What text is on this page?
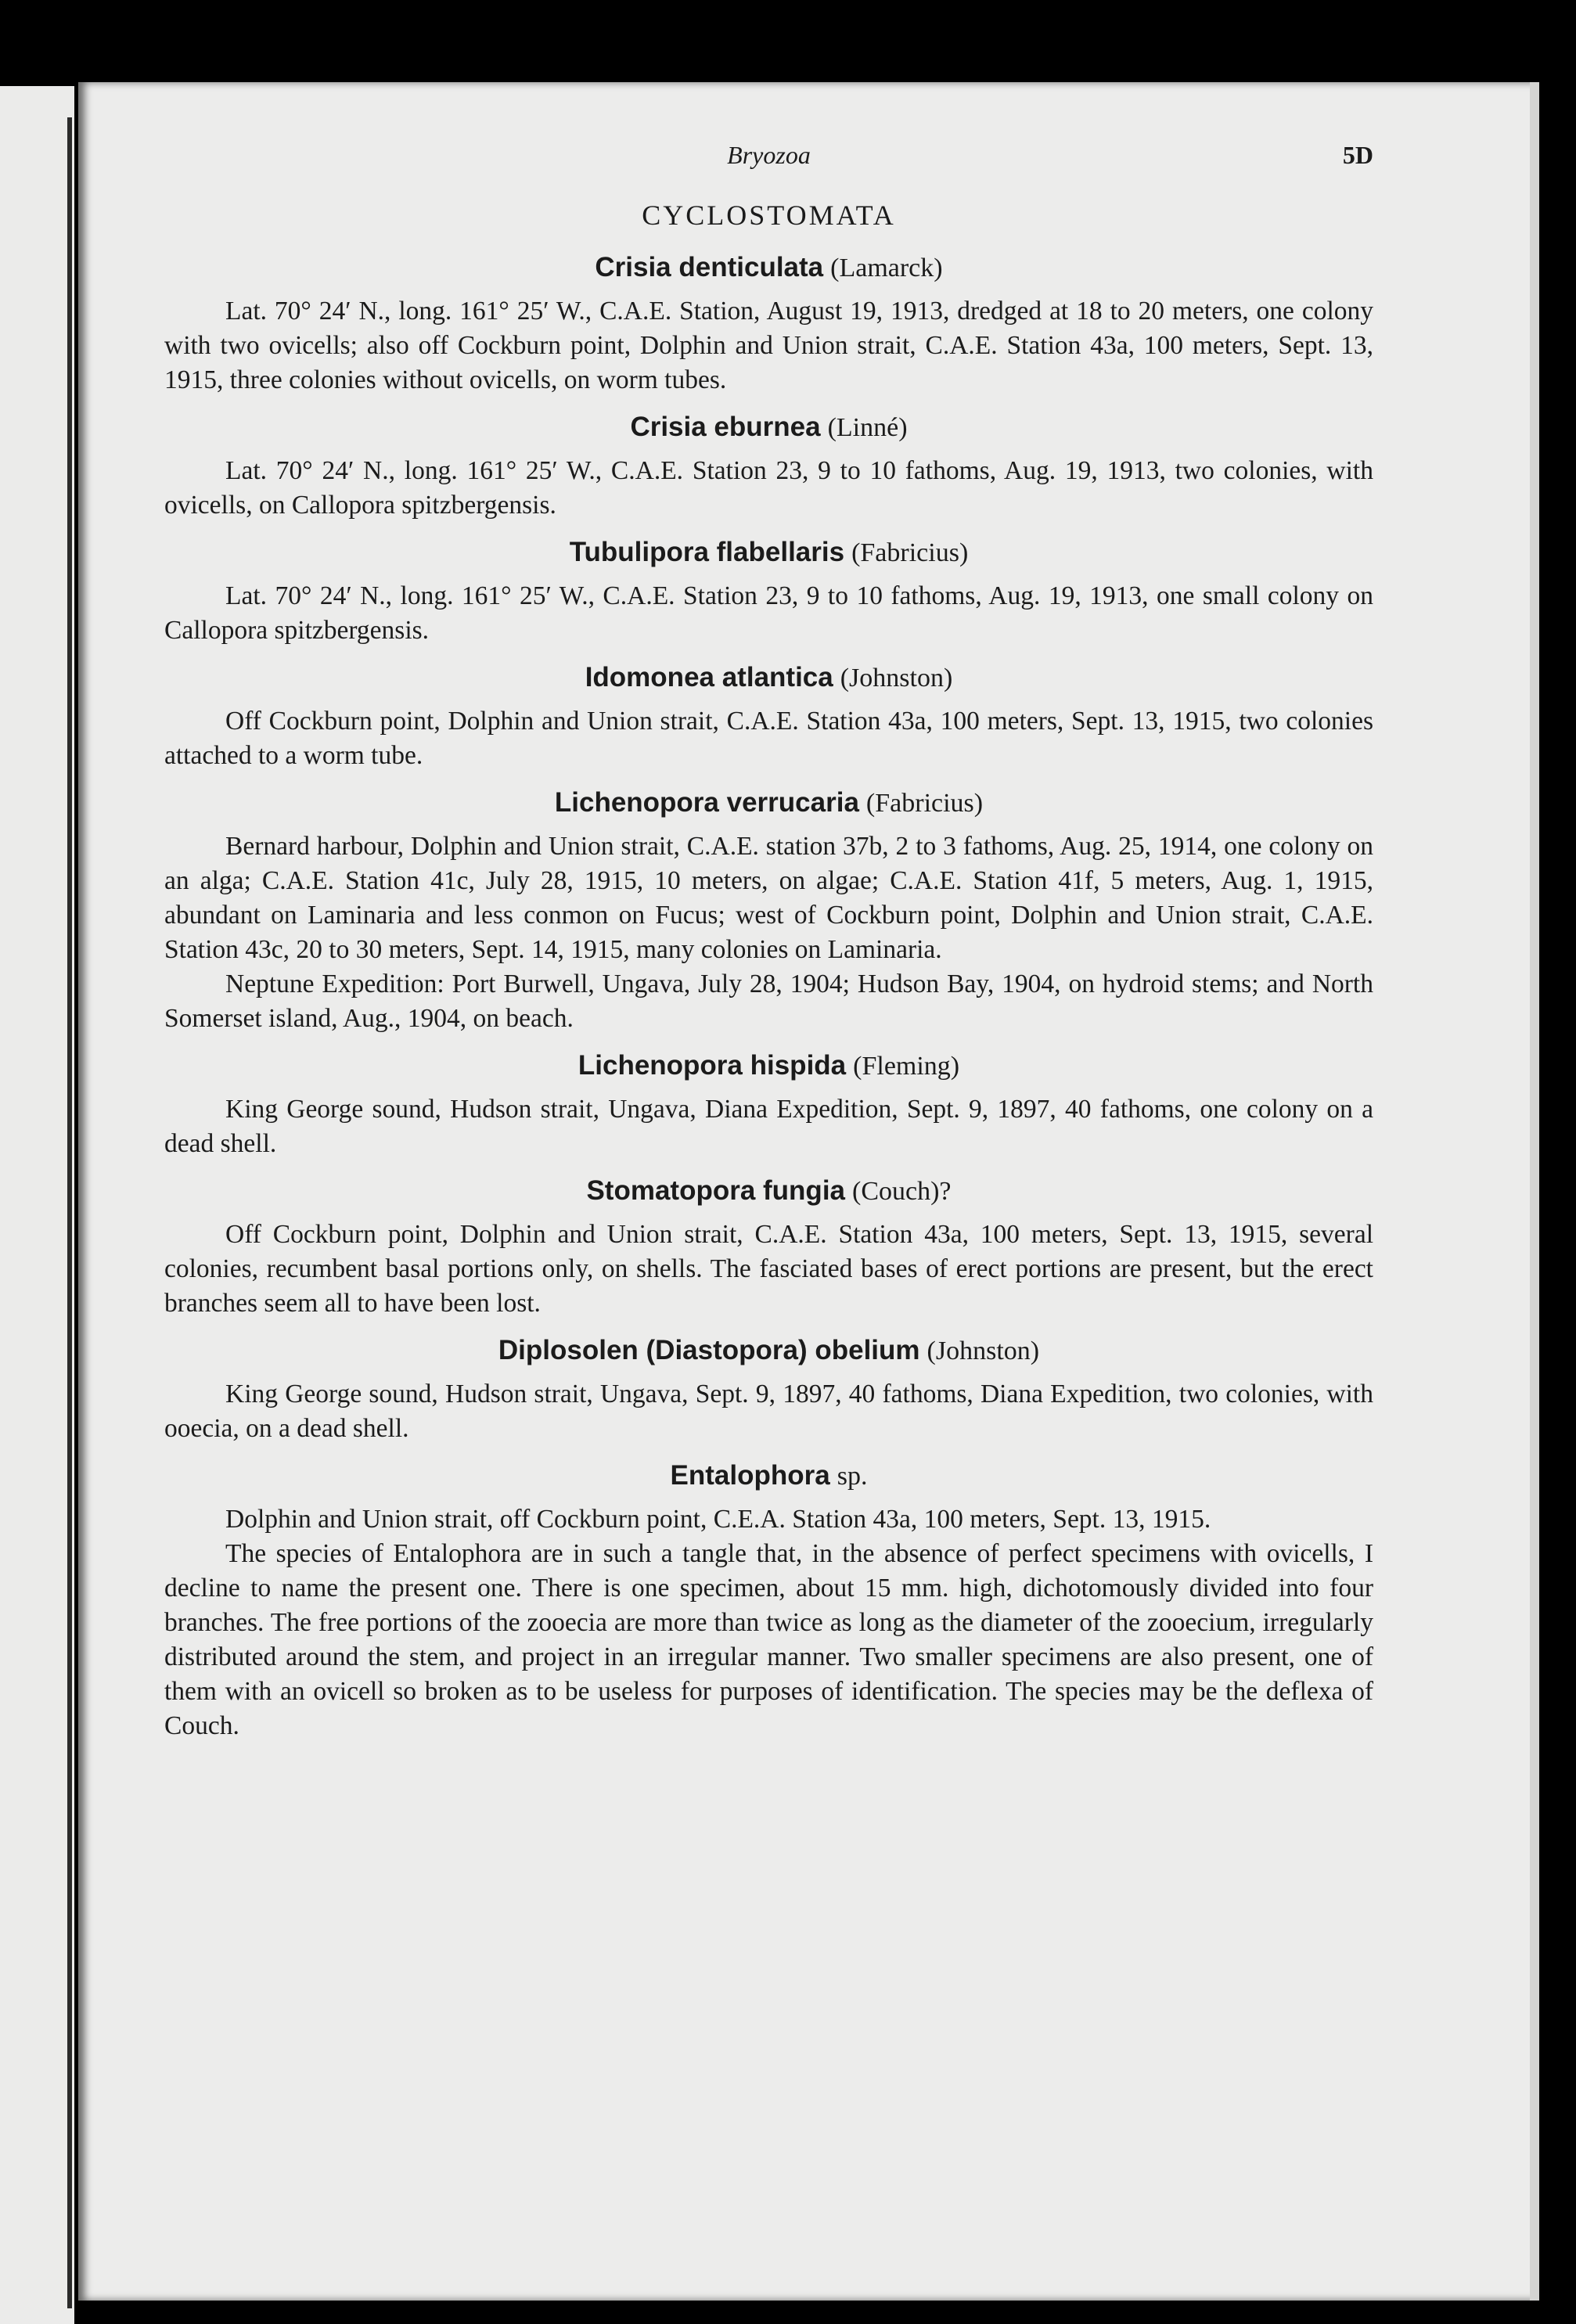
Bryozoa	5D
CYCLOSTOMATA
Crisia denticulata (Lamarck)

Lat. 70° 24′ N., long. 161° 25′ W., C.A.E. Station, August 19, 1913, dredged at 18 to 20 meters, one colony with two ovicells; also off Cockburn point, Dolphin and Union strait, C.A.E. Station 43a, 100 meters, Sept. 13, 1915, three colonies without ovicells, on worm tubes.

Crisia eburnea (Linné)

Lat. 70° 24′ N., long. 161° 25′ W., C.A.E. Station 23, 9 to 10 fathoms, Aug. 19, 1913, two colonies, with ovicells, on Callopora spitzbergensis.

Tubulipora flabellaris (Fabricius)

Lat. 70° 24′ N., long. 161° 25′ W., C.A.E. Station 23, 9 to 10 fathoms, Aug. 19, 1913, one small colony on Callopora spitzbergensis.

Idomonea atlantica (Johnston)

Off Cockburn point, Dolphin and Union strait, C.A.E. Station 43a, 100 meters, Sept. 13, 1915, two colonies attached to a worm tube.

Lichenopora verrucaria (Fabricius)

Bernard harbour, Dolphin and Union strait, C.A.E. station 37b, 2 to 3 fathoms, Aug. 25, 1914, one colony on an alga; C.A.E. Station 41c, July 28, 1915, 10 meters, on algae; C.A.E. Station 41f, 5 meters, Aug. 1, 1915, abundant on Laminaria and less conmon on Fucus; west of Cockburn point, Dolphin and Union strait, C.A.E. Station 43c, 20 to 30 meters, Sept. 14, 1915, many colonies on Laminaria.

Neptune Expedition: Port Burwell, Ungava, July 28, 1904; Hudson Bay, 1904, on hydroid stems; and North Somerset island, Aug., 1904, on beach.

Lichenopora hispida (Fleming)

King George sound, Hudson strait, Ungava, Diana Expedition, Sept. 9, 1897, 40 fathoms, one colony on a dead shell.

Stomatopora fungia (Couch)?

Off Cockburn point, Dolphin and Union strait, C.A.E. Station 43a, 100 meters, Sept. 13, 1915, several colonies, recumbent basal portions only, on shells. The fasciated bases of erect portions are present, but the erect branches seem all to have been lost.

Diplosolen (Diastopora) obelium (Johnston)

King George sound, Hudson strait, Ungava, Sept. 9, 1897, 40 fathoms, Diana Expedition, two colonies, with ooecia, on a dead shell.

Entalophora sp.

Dolphin and Union strait, off Cockburn point, C.E.A. Station 43a, 100 meters, Sept. 13, 1915.

The species of Entalophora are in such a tangle that, in the absence of perfect specimens with ovicells, I decline to name the present one. There is one specimen, about 15 mm. high, dichotomously divided into four branches. The free portions of the zooecia are more than twice as long as the diameter of the zooecium, irregularly distributed around the stem, and project in an irregular manner. Two smaller specimens are also present, one of them with an ovicell so broken as to be useless for purposes of identification. The species may be the deflexa of Couch.
